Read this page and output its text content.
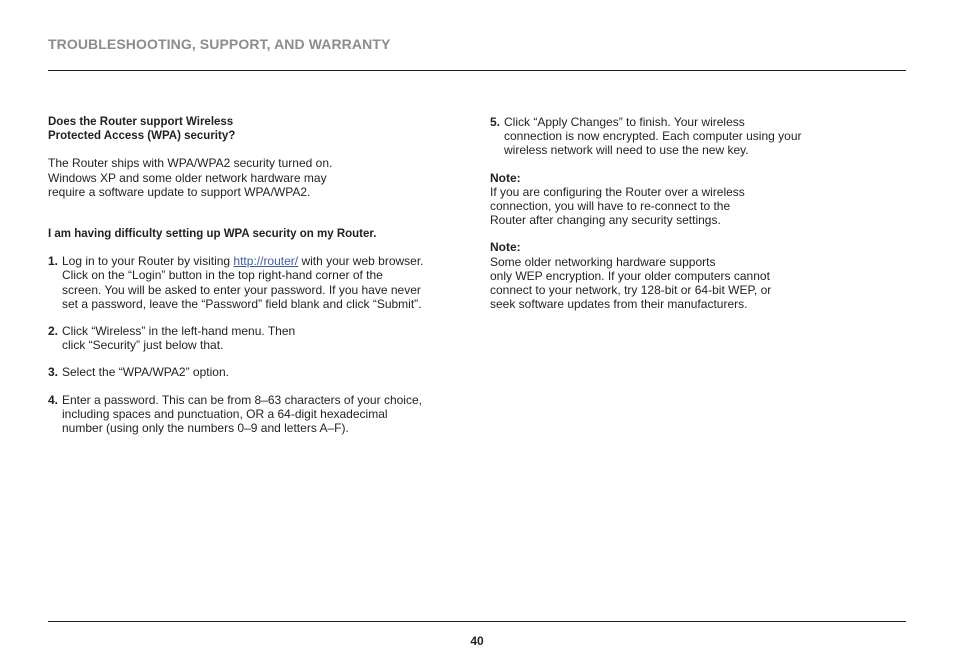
TROUBLESHOOTING, SUPPORT, AND WARRANTY

Does the Router support Wireless
Protected Access (WPA) security?

The Router ships with WPA/WPA2 security turned on.
Windows XP and some older network hardware may
require a software update to support WPA/WPA2.

I am having difficulty setting up WPA security on my Router.

1. Log in to your Router by visiting http://router/ with your web browser.
Click on the “Login” button in the top right-hand corner of the
screen. You will be asked to enter your password. If you have never
set a password, leave the “Password” field blank and click “Submit”.
2. Click “Wireless” in the left-hand menu. Then
click “Security” just below that.
3. Select the “WPA/WPA2” option.
4. Enter a password. This can be from 8–63 characters of your choice,
including spaces and punctuation, OR a 64-digit hexadecimal
number (using only the numbers 0–9 and letters A–F).
5. Click “Apply Changes” to finish. Your wireless
connection is now encrypted. Each computer using your
wireless network will need to use the new key.

Note:
If you are configuring the Router over a wireless
connection, you will have to re-connect to the
Router after changing any security settings.

Note:
Some older networking hardware supports
only WEP encryption. If your older computers cannot
connect to your network, try 128-bit or 64-bit WEP, or
seek software updates from their manufacturers.

40
